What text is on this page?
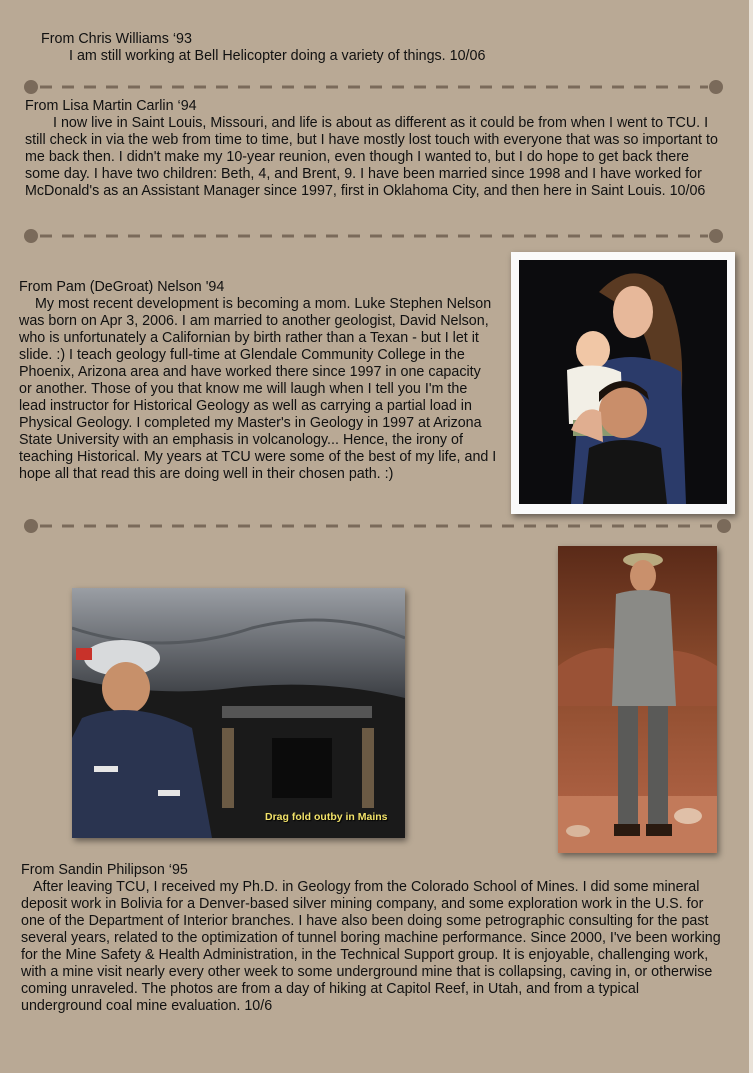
From Chris Williams ‘93

I am still working at Bell Helicopter doing a variety of things. 10/06

From Lisa Martin Carlin ‘94

I now live in Saint Louis, Missouri, and life is about as different as it could be from when I went to TCU. I still check in via the web from time to time, but I have mostly lost touch with everyone that was so important to me back then. I didn't make my 10-year reunion, even though I wanted to, but I do hope to get back there some day. I have two children: Beth, 4, and Brent, 9. I have been married since 1998 and I have worked for McDonald's as an Assistant Manager since 1997, first in Oklahoma City, and then here in Saint Louis. 10/06

From Pam (DeGroat) Nelson '94

My most recent development is becoming a mom. Luke Stephen Nelson was born on Apr 3, 2006. I am married to another geologist, David Nelson, who is unfortunately a Californian by birth rather than a Texan - but I let it slide. :) I teach geology full-time at Glendale Community College in the Phoenix, Arizona area and have worked there since 1997 in one capacity or another. Those of you that know me will laugh when I tell you I'm the lead instructor for Historical Geology as well as carrying a partial load in Physical Geology. I completed my Master's in Geology in 1997 at Arizona State University with an emphasis in volcanology... Hence, the irony of teaching Historical. My years at TCU were some of the best of my life, and I hope all that read this are doing well in their chosen path. :)

Drag fold outby in Mains

From Sandin Philipson ‘95

After leaving TCU, I received my Ph.D. in Geology from the Colorado School of Mines. I did some mineral deposit work in Bolivia for a Denver-based silver mining company, and some exploration work in the U.S. for one of the Department of Interior branches. I have also been doing some petrographic consulting for the past several years, related to the optimization of tunnel boring machine performance. Since 2000, I've been working for the Mine Safety & Health Administration, in the Technical Support group. It is enjoyable, challenging work, with a mine visit nearly every other week to some underground mine that is collapsing, caving in, or otherwise coming unraveled. The photos are from a day of hiking at Capitol Reef, in Utah, and from a typical underground coal mine evaluation. 10/6
